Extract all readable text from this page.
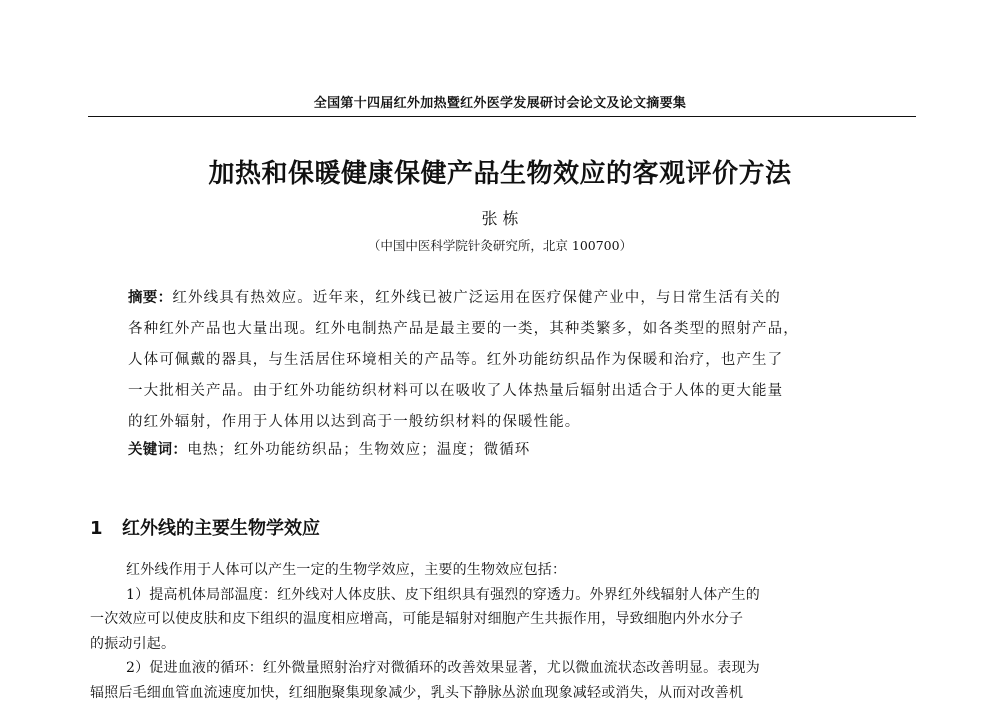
全国第十四届红外加热暨红外医学发展研讨会论文及论文摘要集
加热和保暖健康保健产品生物效应的客观评价方法
张 栋
（中国中医科学院针灸研究所，北京 100700）
摘要：红外线具有热效应。近年来，红外线已被广泛运用在医疗保健产业中，与日常生活有关的
各种红外产品也大量出现。红外电制热产品是最主要的一类，其种类繁多，如各类型的照射产品，
人体可佩戴的器具，与生活居住环境相关的产品等。红外功能纺织品作为保暖和治疗，也产生了
一大批相关产品。由于红外功能纺织材料可以在吸收了人体热量后辐射出适合于人体的更大能量
的红外辐射，作用于人体用以达到高于一般纺织材料的保暖性能。
关键词：电热；红外功能纺织品；生物效应；温度；微循环
1 红外线的主要生物学效应
红外线作用于人体可以产生一定的生物学效应，主要的生物效应包括：
1）提高机体局部温度：红外线对人体皮肤、皮下组织具有强烈的穿透力。外界红外线辐射人体产生的
一次效应可以使皮肤和皮下组织的温度相应增高，可能是辐射对细胞产生共振作用，导致细胞内外水分子
的振动引起。
2）促进血液的循环：红外微量照射治疗对微循环的改善效果显著，尤以微血流状态改善明显。表现为
辐照后毛细血管血流速度加快，红细胞聚集现象减少，乳头下静脉丛淤血现象减轻或消失，从而对改善机
